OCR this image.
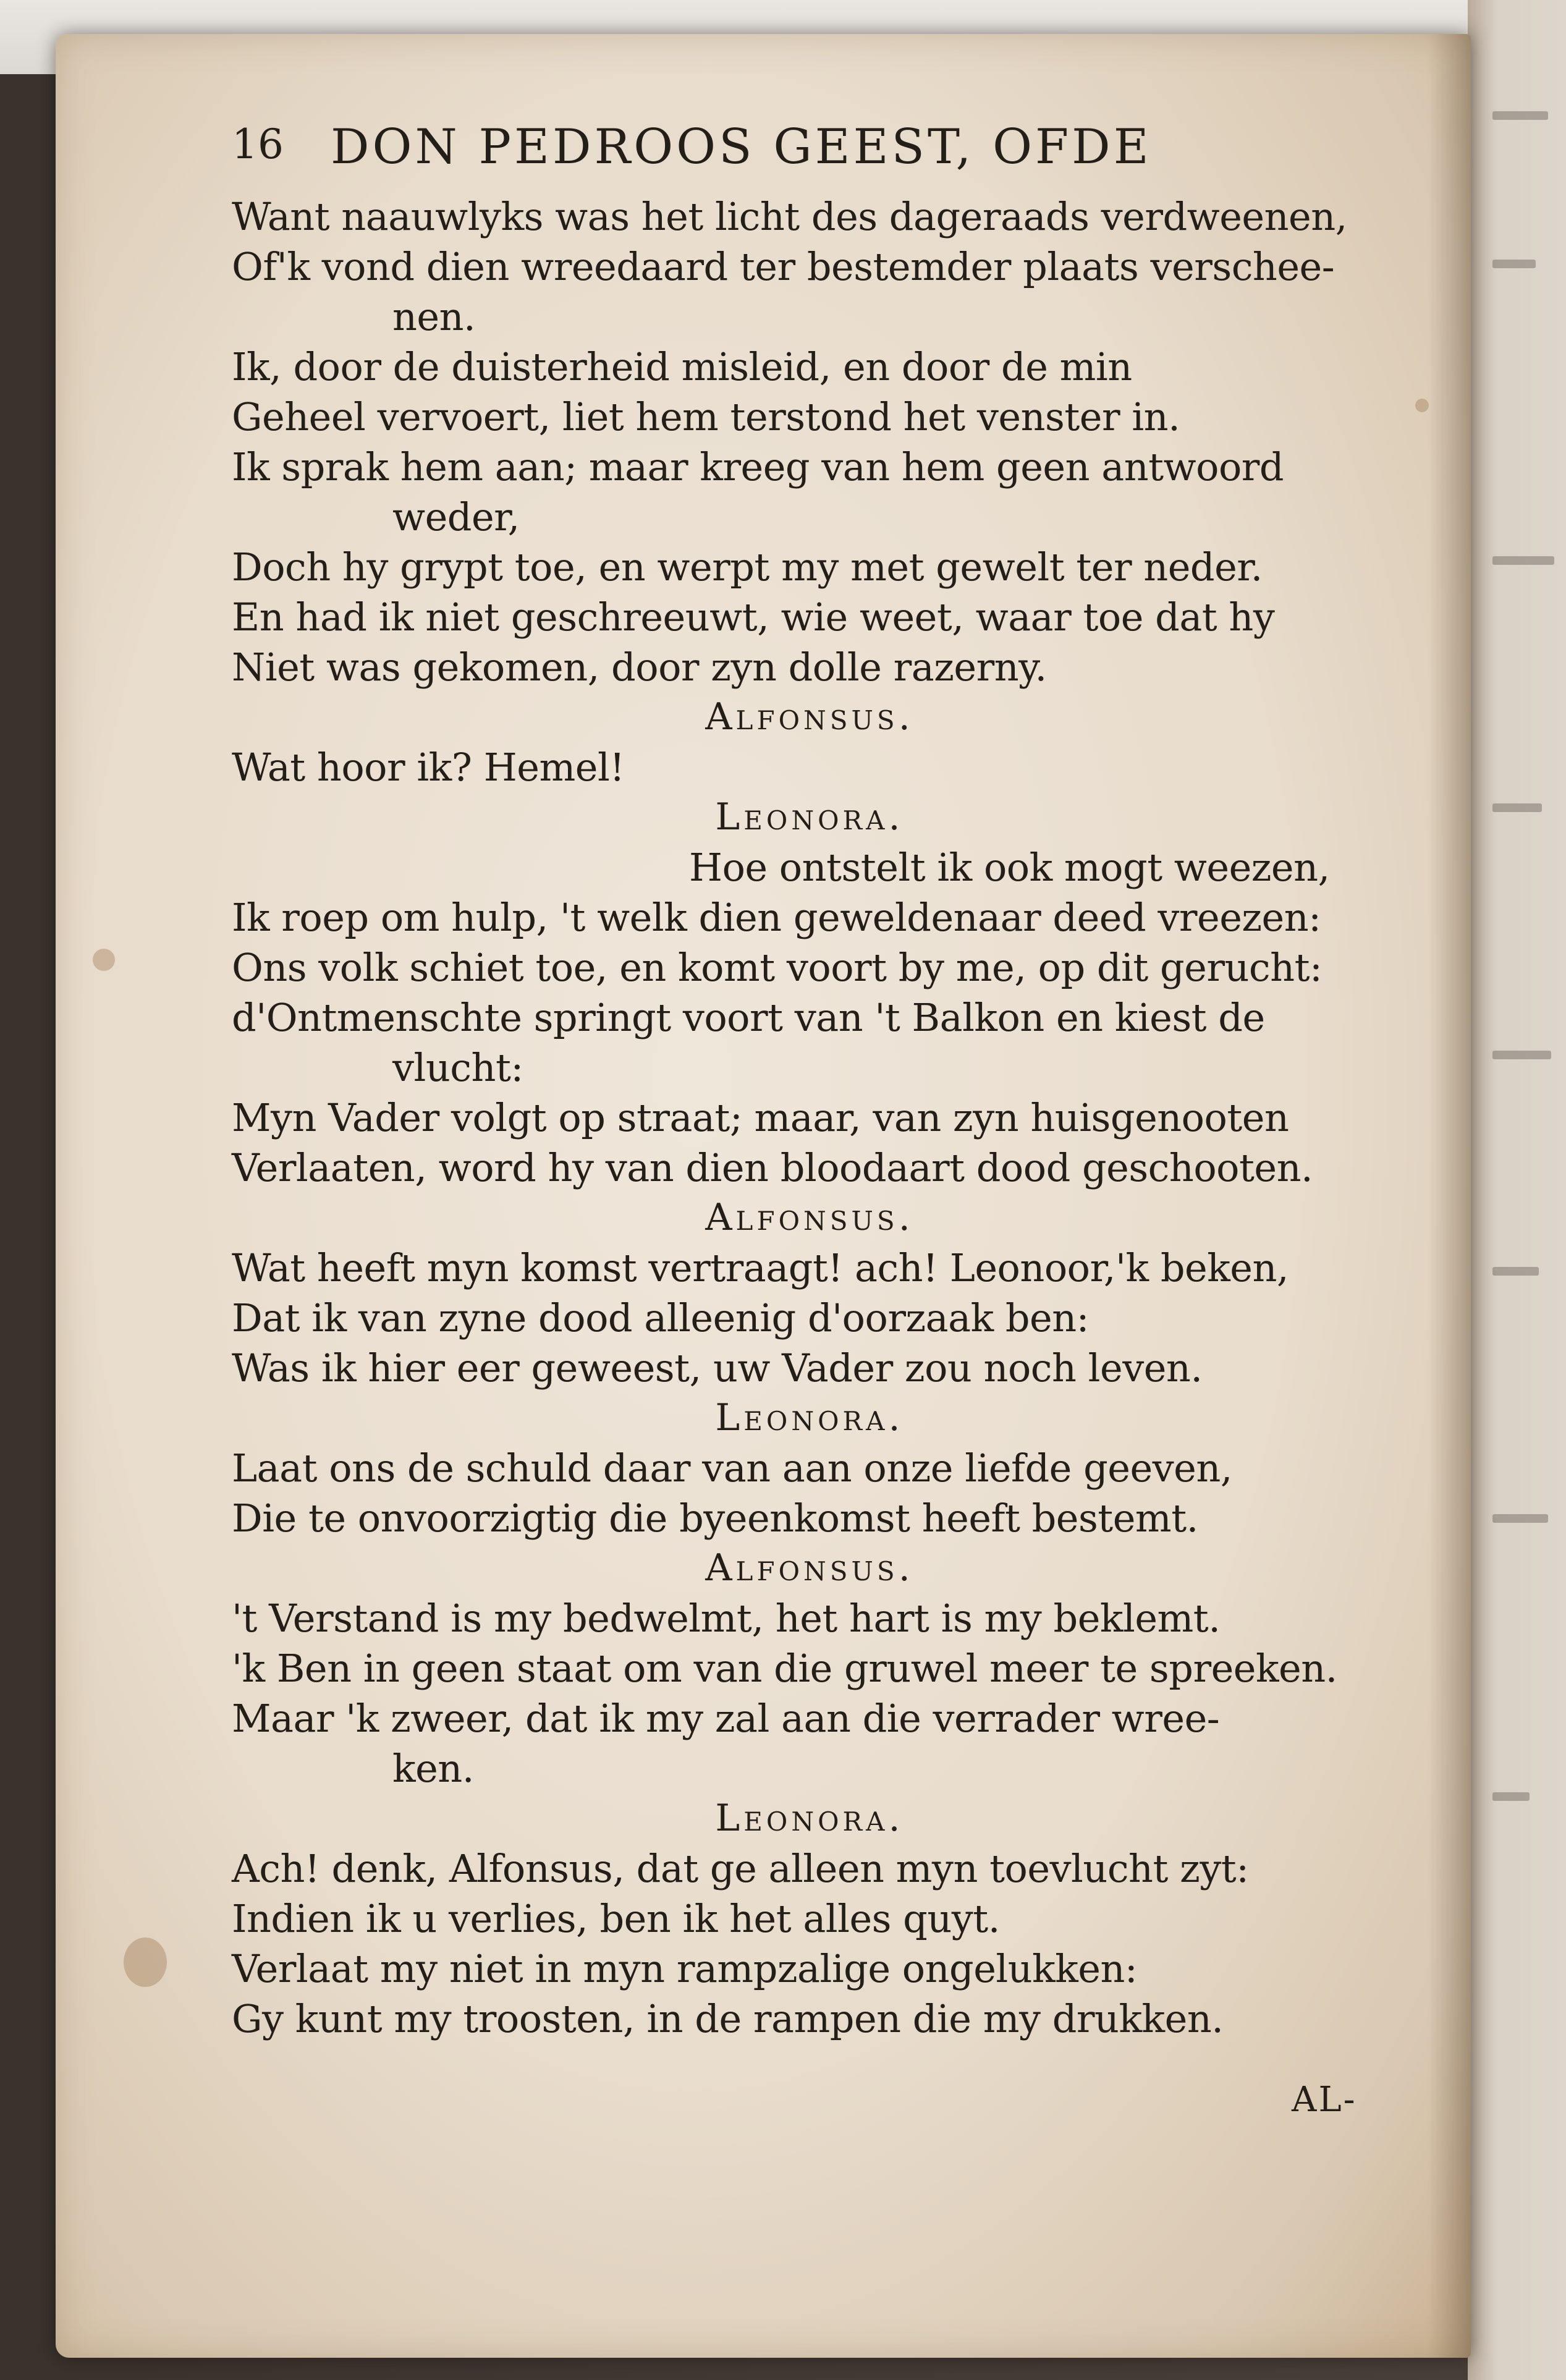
16 DON PEDROOS GEEST, OFDE
Want naauwlyks was het licht des dageraads verdweenen,
Of'k vond dien wreedaard ter bestemder plaats verschee-
nen.
Ik, door de duisterheid misleid, en door de min
Geheel vervoert, liet hem terstond het venster in.
Ik sprak hem aan; maar kreeg van hem geen antwoord
weder,
Doch hy grypt toe, en werpt my met gewelt ter neder.
En had ik niet geschreeuwt, wie weet, waar toe dat hy
Niet was gekomen, door zyn dolle razerny.
Alfonsus.
Wat hoor ik? Hemel!
Leonora.
Hoe ontstelt ik ook mogt weezen,
Ik roep om hulp, 't welk dien geweldenaar deed vreezen:
Ons volk schiet toe, en komt voort by me, op dit gerucht:
d'Ontmenschte springt voort van 't Balkon en kiest de
vlucht:
Myn Vader volgt op straat; maar, van zyn huisgenooten
Verlaaten, word hy van dien bloodaart dood geschooten.
Alfonsus.
Wat heeft myn komst vertraagt! ach! Leonoor,'k beken,
Dat ik van zyne dood alleenig d'oorzaak ben:
Was ik hier eer geweest, uw Vader zou noch leven.
Leonora.
Laat ons de schuld daar van aan onze liefde geeven,
Die te onvoorzigtig die byeenkomst heeft bestemt.
Alfonsus.
't Verstand is my bedwelmt, het hart is my beklemt.
'k Ben in geen staat om van die gruwel meer te spreeken.
Maar 'k zweer, dat ik my zal aan die verrader wree-
ken.
Leonora.
Ach! denk, Alfonsus, dat ge alleen myn toevlucht zyt:
Indien ik u verlies, ben ik het alles quyt.
Verlaat my niet in myn rampzalige ongelukken:
Gy kunt my troosten, in de rampen die my drukken.
AL-
